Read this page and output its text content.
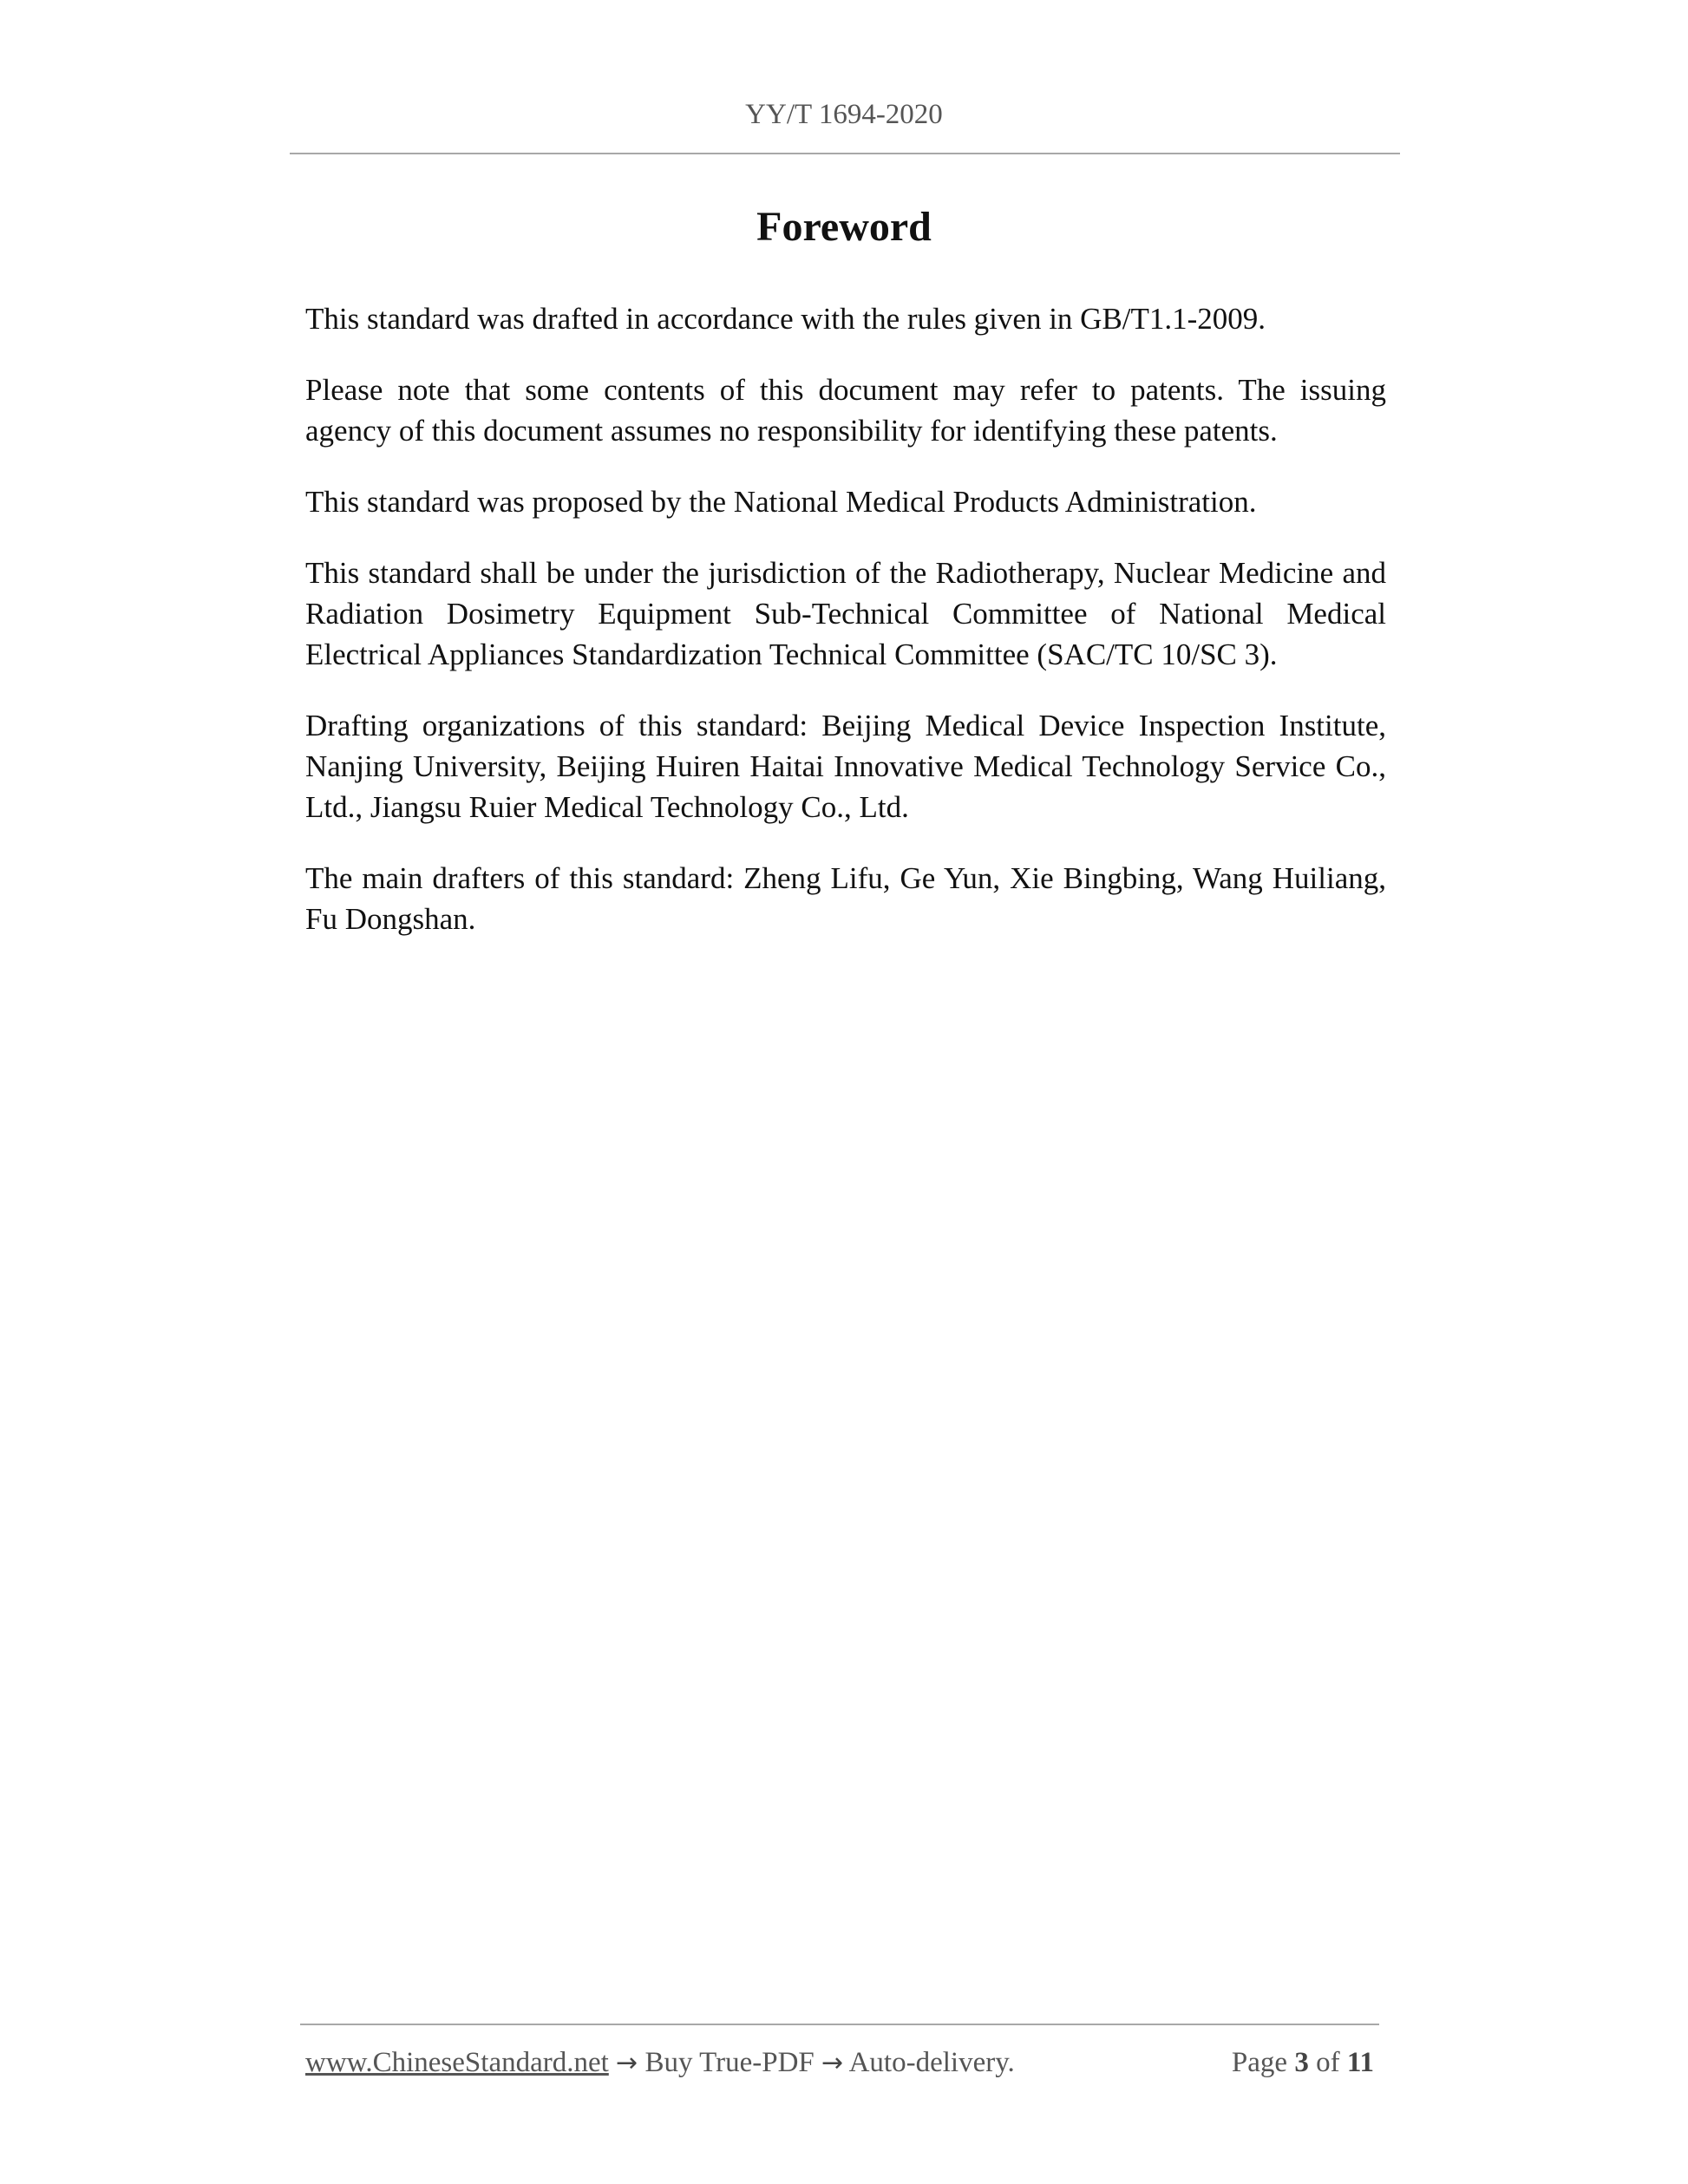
YY/T 1694-2020
Foreword

This standard was drafted in accordance with the rules given in GB/T1.1-2009.

Please note that some contents of this document may refer to patents. The issuing agency of this document assumes no responsibility for identifying these patents.

This standard was proposed by the National Medical Products Administration.

This standard shall be under the jurisdiction of the Radiotherapy, Nuclear Medicine and Radiation Dosimetry Equipment Sub-Technical Committee of National Medical Electrical Appliances Standardization Technical Committee (SAC/TC 10/SC 3).

Drafting organizations of this standard: Beijing Medical Device Inspection Institute, Nanjing University, Beijing Huiren Haitai Innovative Medical Technology Service Co., Ltd., Jiangsu Ruier Medical Technology Co., Ltd.

The main drafters of this standard: Zheng Lifu, Ge Yun, Xie Bingbing, Wang Huiliang, Fu Dongshan.

www.ChineseStandard.net → Buy True-PDF → Auto-delivery.	Page 3 of 11
